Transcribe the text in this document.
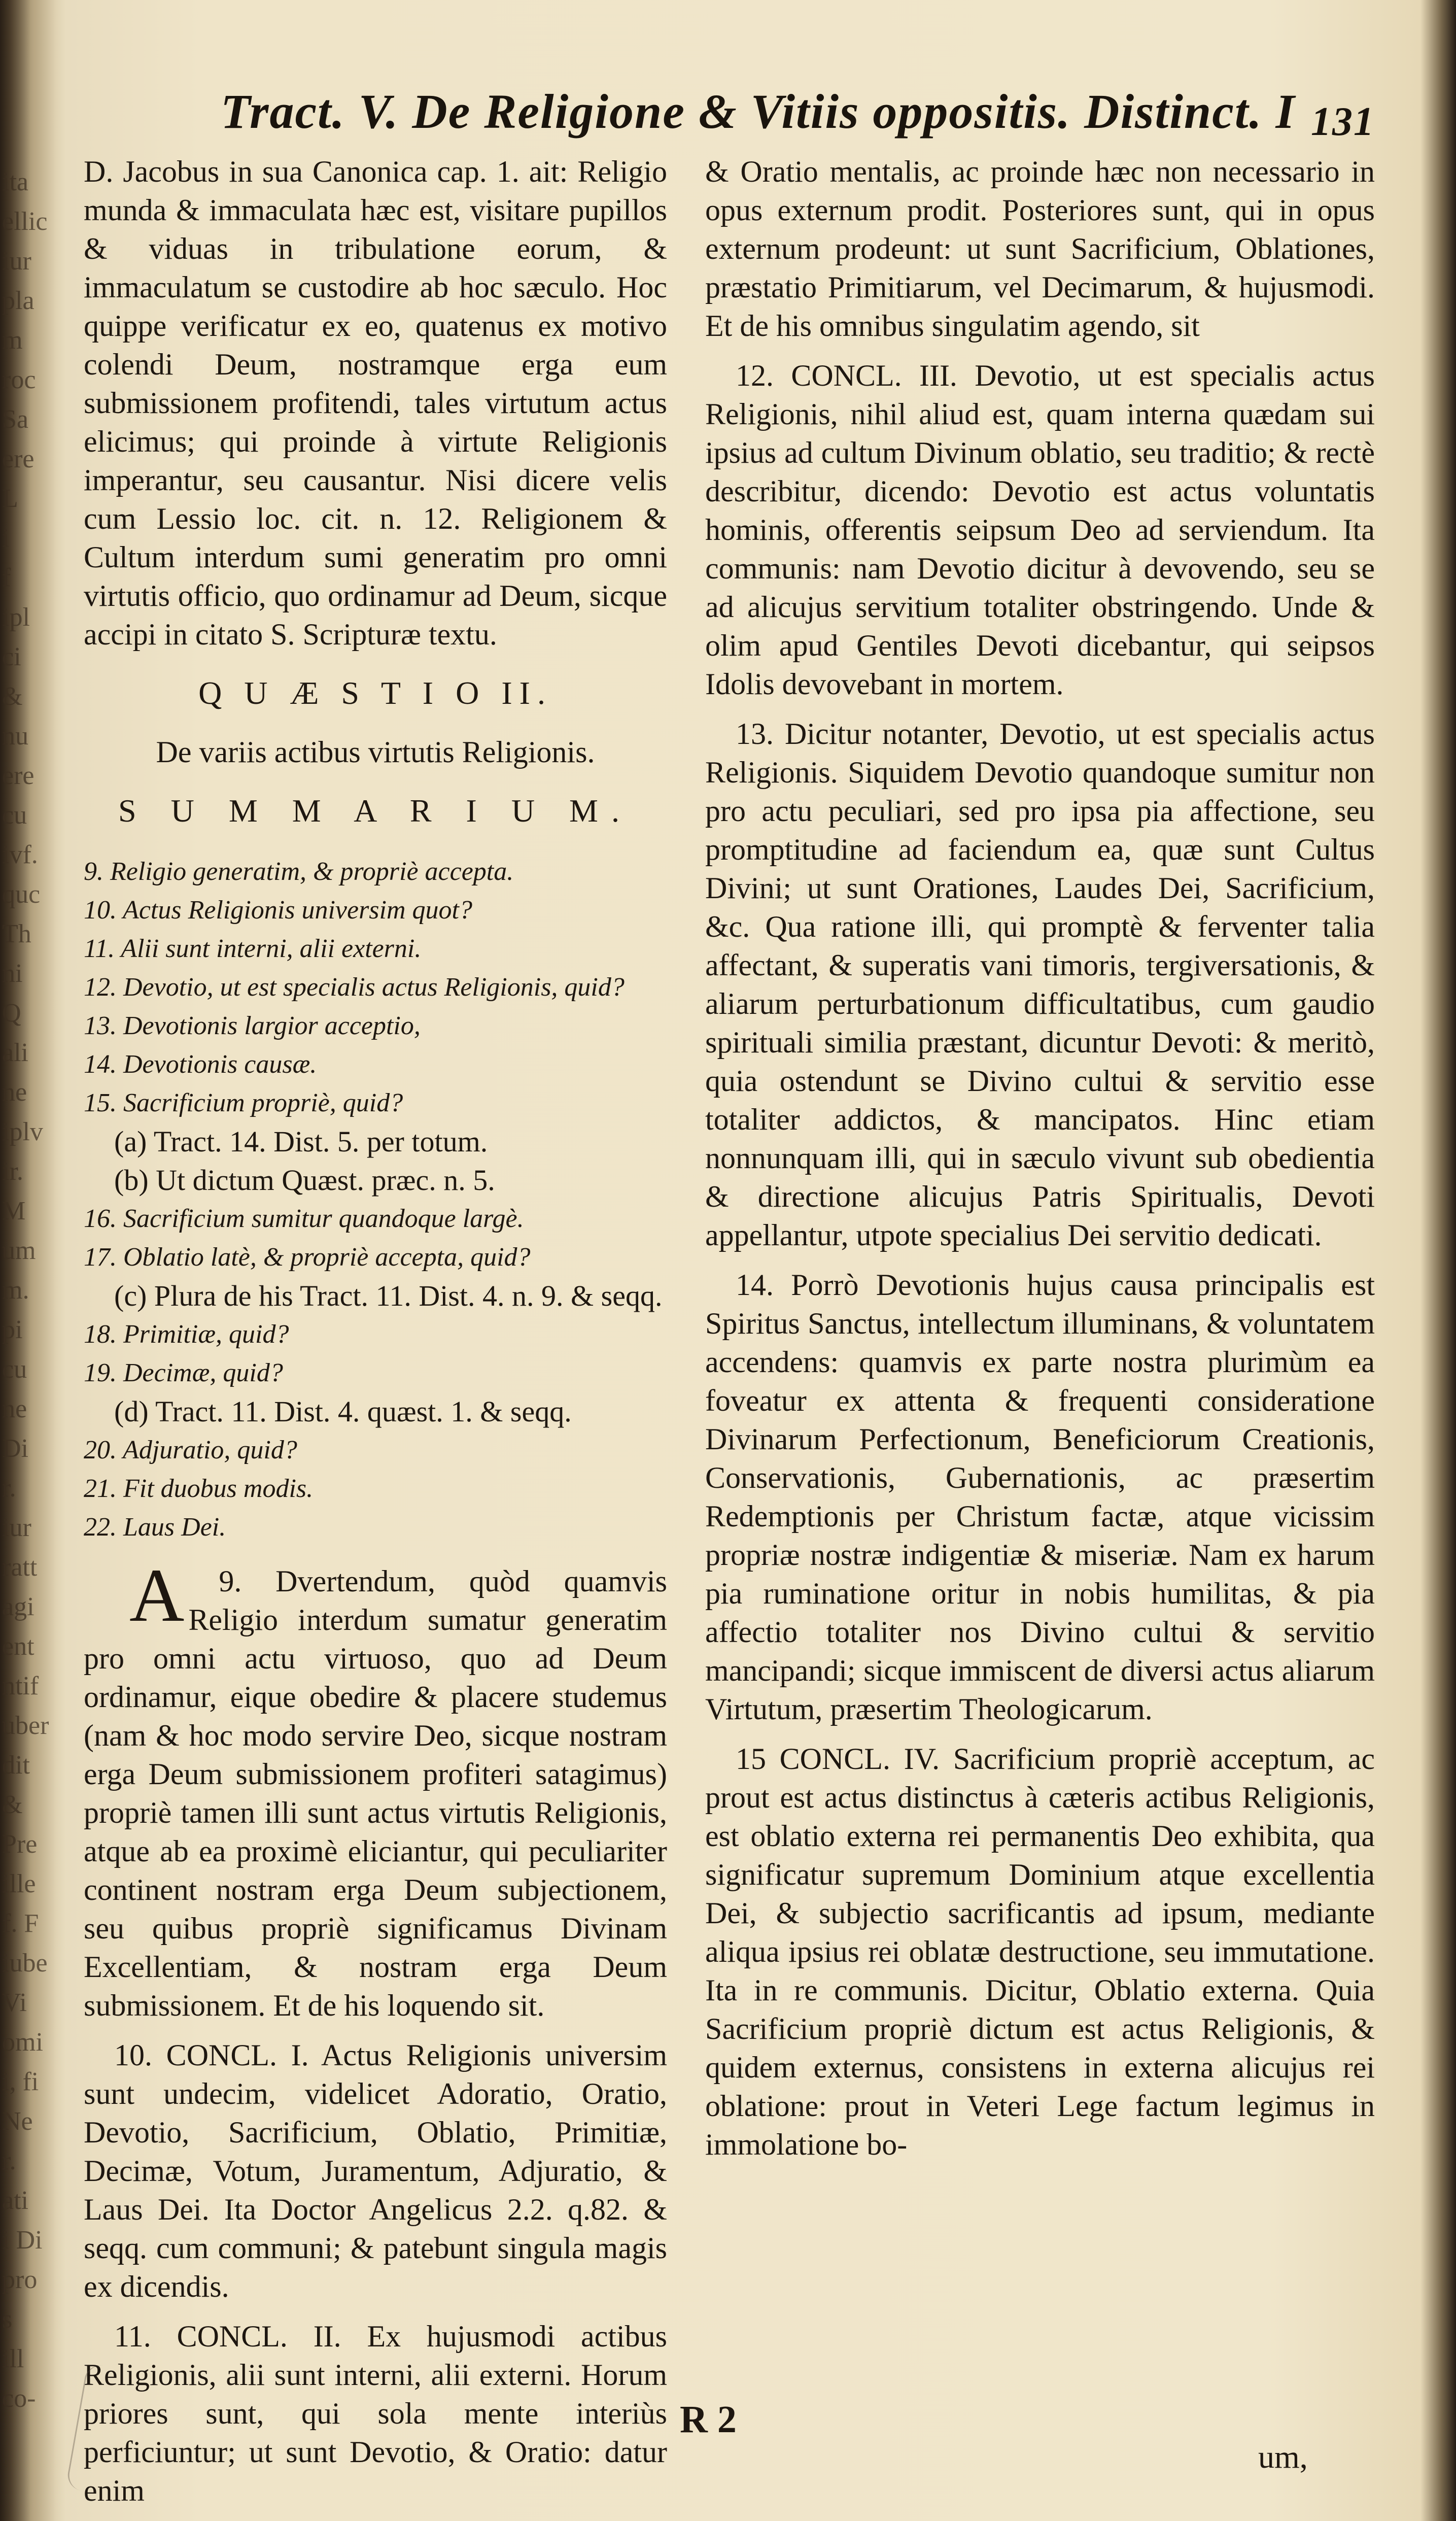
ita
ellic
iur
pla
m
roc
Sa
ere
L
i
f
ipl
ci
&
nu
ere
cu
ivf.
quc
Th
ni
Q
ali
ne
iplv
ir.
M
um
m.
pi
cu
ne
Di
r.
iur
ratt
agi
ent
ntif
uber
dit
&
Pre
ille
f. F
iube
Vi
omi
i, fi
Ne
r.
ati
i Di
pro
s
ill
co-
Tract. V. De Religione & Vitiis oppositis. Distinct. I 131

D. Jacobus in sua Canonica cap. 1. ait: Religio munda & immaculata hæc est, visitare pupillos & viduas in tribulatione eorum, & immaculatum se custodire ab hoc sæculo. Hoc quippe verificatur ex eo, quatenus ex motivo colendi Deum, nostramque erga eum submissionem profitendi, tales virtutum actus elicimus; qui proinde à virtute Religionis imperantur, seu causantur. Nisi dicere velis cum Lessio loc. cit. n. 12. Religionem & Cultum interdum sumi generatim pro omni virtutis officio, quo ordinamur ad Deum, sicque accipi in citato S. Scripturæ textu.

Q U Æ S T I O II.

De variis actibus virtutis Religionis.

S U M M A R I U M.

9. Religio generatim, & propriè accepta.
10. Actus Religionis universim quot?
11. Alii sunt interni, alii externi.
12. Devotio, ut est specialis actus Religionis, quid?
13. Devotionis largior acceptio,
14. Devotionis causæ.
15. Sacrificium propriè, quid?
(a) Tract. 14. Dist. 5. per totum.
(b) Ut dictum Quæst. præc. n. 5.
16. Sacrificium sumitur quandoque largè.
17. Oblatio latè, & propriè accepta, quid?
(c) Plura de his Tract. 11. Dist. 4. n. 9. & seqq.
18. Primitiæ, quid?
19. Decimæ, quid?
(d) Tract. 11. Dist. 4. quæst. 1. & seqq.
20. Adjuratio, quid?
21. Fit duobus modis.
22. Laus Dei.

9.
A	Dvertendum, quòd quamvis Religio interdum sumatur generatim pro omni actu virtuoso, quo ad Deum ordinamur, eique obedire & placere studemus (nam & hoc modo servire Deo, sicque nostram erga Deum submissionem profiteri satagimus) propriè tamen illi sunt actus virtutis Religionis, atque ab ea proximè eliciantur, qui peculiariter continent nostram erga Deum subjectionem, seu quibus propriè significamus Divinam Excellentiam, & nostram erga Deum submissionem. Et de his loquendo sit.

10. CONCL. I. Actus Religionis universim sunt undecim, videlicet Adoratio, Oratio, Devotio, Sacrificium, Oblatio, Primitiæ, Decimæ, Votum, Juramentum, Adjuratio, & Laus Dei. Ita Doctor Angelicus 2.2. q.82. & seqq. cum communi; & patebunt singula magis ex dicendis.

11. CONCL. II. Ex hujusmodi actibus Religionis, alii sunt interni, alii externi. Horum priores sunt, qui sola mente interiùs perficiuntur; ut sunt Devotio, & Oratio: datur enim

& Oratio mentalis, ac proinde hæc non necessario in opus externum prodit. Posteriores sunt, qui in opus externum prodeunt: ut sunt Sacrificium, Oblationes, præstatio Primitiarum, vel Decimarum, & hujusmodi. Et de his omnibus singulatim agendo, sit

12. CONCL. III. Devotio, ut est specialis actus Religionis, nihil aliud est, quam interna quædam sui ipsius ad cultum Divinum oblatio, seu traditio; & rectè describitur, dicendo: Devotio est actus voluntatis hominis, offerentis seipsum Deo ad serviendum. Ita communis: nam Devotio dicitur à devovendo, seu se ad alicujus servitium totaliter obstringendo. Unde & olim apud Gentiles Devoti dicebantur, qui seipsos Idolis devovebant in mortem.

13. Dicitur notanter, Devotio, ut est specialis actus Religionis. Siquidem Devotio quandoque sumitur non pro actu peculiari, sed pro ipsa pia affectione, seu promptitudine ad faciendum ea, quæ sunt Cultus Divini; ut sunt Orationes, Laudes Dei, Sacrificium, &c. Qua ratione illi, qui promptè & ferventer talia affectant, & superatis vani timoris, tergiversationis, & aliarum perturbationum difficultatibus, cum gaudio spirituali similia præstant, dicuntur Devoti: & meritò, quia ostendunt se Divino cultui & servitio esse totaliter addictos, & mancipatos. Hinc etiam nonnunquam illi, qui in sæculo vivunt sub obedientia & directione alicujus Patris Spiritualis, Devoti appellantur, utpote specialius Dei servitio dedicati.

14. Porrò Devotionis hujus causa principalis est Spiritus Sanctus, intellectum illuminans, & voluntatem accendens: quamvis ex parte nostra plurimùm ea foveatur ex attenta & frequenti consideratione Divinarum Perfectionum, Beneficiorum Creationis, Conservationis, Gubernationis, ac præsertim Redemptionis per Christum factæ, atque vicissim propriæ nostræ indigentiæ & miseriæ. Nam ex harum pia ruminatione oritur in nobis humilitas, & pia affectio totaliter nos Divino cultui & servitio mancipandi; sicque immiscent de diversi actus aliarum Virtutum, præsertim Theologicarum.

15 CONCL. IV. Sacrificium propriè acceptum, ac prout est actus distinctus à cæteris actibus Religionis, est oblatio externa rei permanentis Deo exhibita, qua significatur supremum Dominium atque excellentia Dei, & subjectio sacrificantis ad ipsum, mediante aliqua ipsius rei oblatæ destructione, seu immutatione. Ita in re communis. Dicitur, Oblatio externa. Quia Sacrificium propriè dictum est actus Religionis, & quidem externus, consistens in externa alicujus rei oblatione: prout in Veteri Lege factum legimus in immolatione bo-

R 2
um,
